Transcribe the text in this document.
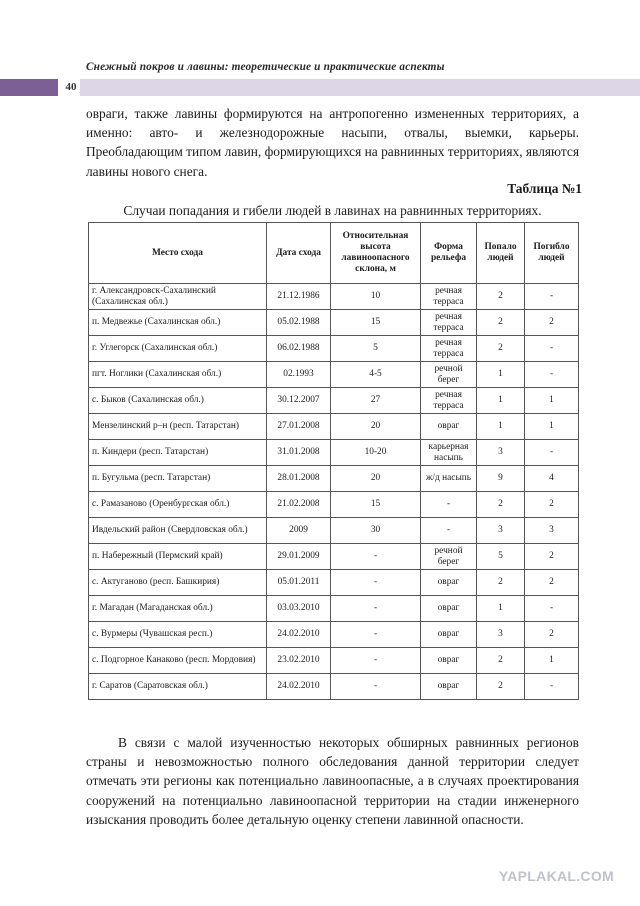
Снежный покров и лавины: теоретические и практические аспекты
40

овраги, также лавины формируются на антропогенно измененных территориях, а именно: авто- и железнодорожные насыпи, отвалы, выемки, карьеры. Преобладающим типом лавин, формирующихся на равнинных территориях, являются лавины нового снега.

Таблица №1
Случаи попадания и гибели людей в лавинах на равнинных территориях.
Место схода	Дата схода	Относительная высота лавиноопасного склона, м	Форма рельефа	Попало людей	Погибло людей
г. Александровск-Сахалинский (Сахалинская обл.)	21.12.1986	10	речная терраса	2	-
п. Медвежье (Сахалинская обл.)	05.02.1988	15	речная терраса	2	2
г. Углегорск (Сахалинская обл.)	06.02.1988	5	речная терраса	2	-
пгт. Ноглики (Сахалинская обл.)	02.1993	4-5	речной берег	1	-
с. Быков (Сахалинская обл.)	30.12.2007	27	речная терраса	1	1
Мензелинский р–н (респ. Татарстан)	27.01.2008	20	овраг	1	1
п. Киндери (респ. Татарстан)	31.01.2008	10-20	карьерная насыпь	3	-
п. Бугульма (респ. Татарстан)	28.01.2008	20	ж/д насыпь	9	4
с. Рамазаново (Оренбургская обл.)	21.02.2008	15	-	2	2
Ивдельский район (Свердловская обл.)	2009	30	-	3	3
п. Набережный (Пермский край)	29.01.2009	-	речной берег	5	2
с. Актуганово (респ. Башкирия)	05.01.2011	-	овраг	2	2
г. Магадан (Магаданская обл.)	03.03.2010	-	овраг	1	-
с. Вурмеры (Чувашская респ.)	24.02.2010	-	овраг	3	2
с. Подгорное Канаково (респ. Мордовия)	23.02.2010	-	овраг	2	1
г. Саратов (Саратовская обл.)	24.02.2010	-	овраг	2	-

В связи с малой изученностью некоторых обширных равнинных регионов страны и невозможностью полного обследования данной территории следует отмечать эти регионы как потенциально лавиноопасные, а в случаях проектирования сооружений на потенциально лавиноопасной территории на стадии инженерного изыскания проводить более детальную оценку степени лавинной опасности.

YAPLAKAL.COM
